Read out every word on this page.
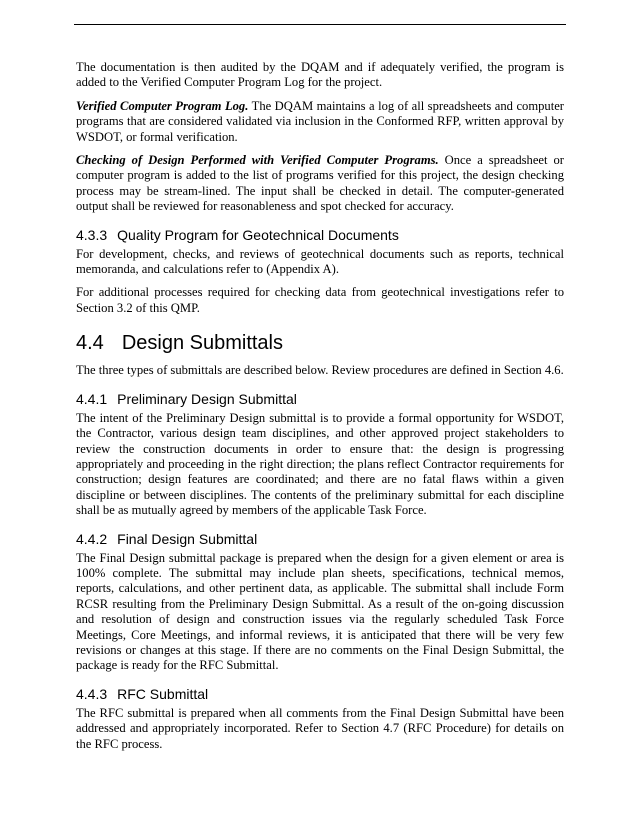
The documentation is then audited by the DQAM and if adequately verified, the program is added to the Verified Computer Program Log for the project.

Verified Computer Program Log. The DQAM maintains a log of all spreadsheets and computer programs that are considered validated via inclusion in the Conformed RFP, written approval by WSDOT, or formal verification.

Checking of Design Performed with Verified Computer Programs. Once a spreadsheet or computer program is added to the list of programs verified for this project, the design checking process may be stream-lined. The input shall be checked in detail. The computer-generated output shall be reviewed for reasonableness and spot checked for accuracy.

4.3.3 Quality Program for Geotechnical Documents

For development, checks, and reviews of geotechnical documents such as reports, technical memoranda, and calculations refer to (Appendix A).

For additional processes required for checking data from geotechnical investigations refer to Section 3.2 of this QMP.

4.4 Design Submittals

The three types of submittals are described below. Review procedures are defined in Section 4.6.

4.4.1 Preliminary Design Submittal

The intent of the Preliminary Design submittal is to provide a formal opportunity for WSDOT, the Contractor, various design team disciplines, and other approved project stakeholders to review the construction documents in order to ensure that: the design is progressing appropriately and proceeding in the right direction; the plans reflect Contractor requirements for construction; design features are coordinated; and there are no fatal flaws within a given discipline or between disciplines. The contents of the preliminary submittal for each discipline shall be as mutually agreed by members of the applicable Task Force.

4.4.2 Final Design Submittal

The Final Design submittal package is prepared when the design for a given element or area is 100% complete. The submittal may include plan sheets, specifications, technical memos, reports, calculations, and other pertinent data, as applicable. The submittal shall include Form RCSR resulting from the Preliminary Design Submittal. As a result of the on-going discussion and resolution of design and construction issues via the regularly scheduled Task Force Meetings, Core Meetings, and informal reviews, it is anticipated that there will be very few revisions or changes at this stage. If there are no comments on the Final Design Submittal, the package is ready for the RFC Submittal.

4.4.3 RFC Submittal

The RFC submittal is prepared when all comments from the Final Design Submittal have been addressed and appropriately incorporated. Refer to Section 4.7 (RFC Procedure) for details on the RFC process.
